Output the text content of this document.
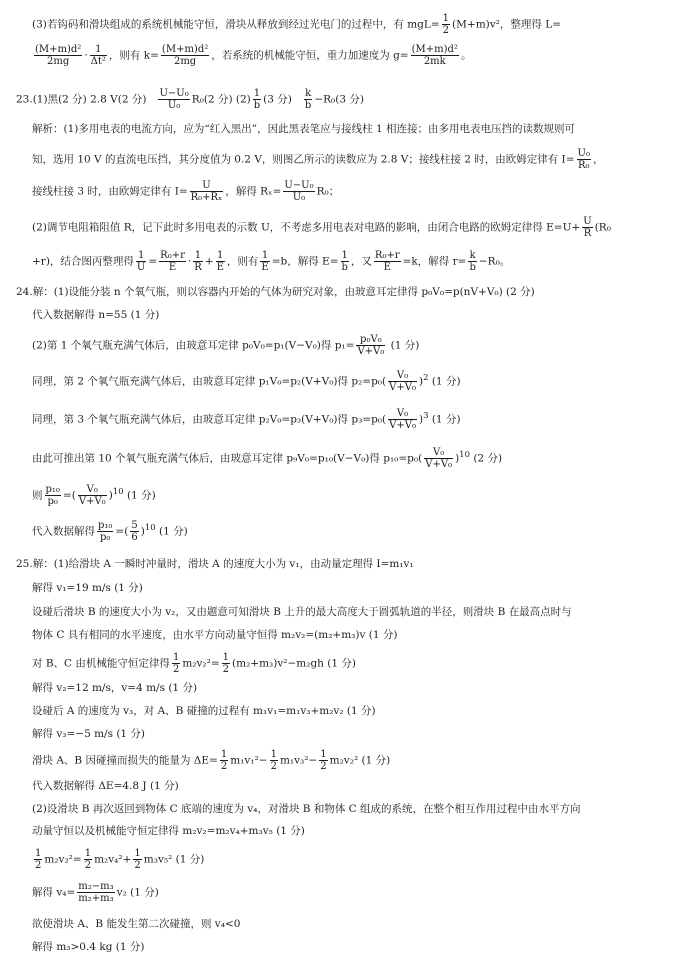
(3)若钩码和滑块组成的系统机械能守恒，滑块从释放到经过光电门的过程中，有 $mgL= \frac{1}{2} (M+m)v^2$，整理得 L=
$\frac{\text{(M+m)d²}}{2mg} \cdot \frac{1}{\text{Δt²}}$ ，则有 $k= \frac{\text{(M+m)d²}}{2mg}$ ，若系统的机械能守恒，重力加速度为 $g= \frac{\text{(M+m)d²}}{2mk}$ 。
23.(1)黑(2 分) 2.8 V(2 分) $\frac{\text{U−U₀}}{\text{U₀}} R_0(2$ 分) $(2) \frac{1}{b} (3$ 分) $\frac{k}{b} -R_0(3$ 分)
解析：(1)多用电表的电流方向，应为“红入黑出”，因此黑表笔应与接线柱 1 相连接；由多用电表电压挡的读数规则可
知，选用 10 V 的直流电压挡，其分度值为 0.2 V，则图乙所示的读数应为 2.8 V；接线柱接 2 时，由欧姆定律有 $I= \frac{\text{U₀}}{\text{R₀}}$ ，
接线柱接 3 时，由欧姆定律有 $I= \frac{U}{\text{R₀+Rₓ}}$ ，解得 $R_x= \frac{\text{U−U₀}}{\text{U₀}} R_0$；
(2)调节电阻箱阻值 R，记下此时多用电表的示数 U，不考虑多用电表对电路的影响，由闭合电路的欧姆定律得 $E=U+ \frac{U}{R} (R_0$
+r)，结合图丙整理得 $\frac{1}{U} = \frac{\text{R₀+r}}{E} \cdot \frac{1}{R} + \frac{1}{E}$ ，则有 $\frac{1}{E} =b$，解得 $E= \frac{1}{b}$ ，又 $\frac{\text{R₀+r}}{E} =k$，解得 $r= \frac{k}{b} -R_0$。
24.解：(1)设能分装 n 个氧气瓶，则以容器内开始的气体为研究对象，由玻意耳定律得 p₀V₀=p(nV+V₀) (2 分)
代入数据解得 n=55 (1 分)
(2)第 1 个氧气瓶充满气体后，由玻意耳定律 p₀V₀=p₁(V−V₀)得 $p_1= \frac{\text{p₀V₀}}{\text{V+V₀}} (1$ 分)
同理，第 2 个氧气瓶充满气体后，由玻意耳定律 p₁V₀=p₂(V+V₀)得 $p_2=p_0( \frac{\text{V₀}}{\text{V+V₀}} )^2$ (1 分)
同理，第 3 个氧气瓶充满气体后，由玻意耳定律 p₂V₀=p₃(V+V₀)得 $p_3=p_0( \frac{\text{V₀}}{\text{V+V₀}} )^3$ (1 分)
由此可推出第 10 个氧气瓶充满气体后，由玻意耳定律 p₉V₀=p₁₀(V−V₀)得 $p_{10}=p_0( \frac{\text{V₀}}{\text{V+V₀}} )^{10}$ (2 分)
则 $\frac{\text{p₁₀}}{\text{p₀}}$ =( $\frac{\text{V₀}}{\text{V+V₀}} )^{10}$ (1 分)
代入数据解得 $\frac{\text{p₁₀}}{\text{p₀}}$ =( $\frac{5}{6} )^{10}$ (1 分)
25.解：(1)给滑块 A 一瞬时冲量时，滑块 A 的速度大小为 v₁，由动量定理得 I=m₁v₁
解得 v₁=19 m/s (1 分)
设碰后滑块 B 的速度大小为 v₂，又由题意可知滑块 B 上升的最大高度大于圆弧轨道的半径，则滑块 B 在最高点时与
物体 C 具有相同的水平速度，由水平方向动量守恒得 m₂v₂=(m₂+m₃)v (1 分)
对 B、C 由机械能守恒定律得 $\frac{1}{2} m_2v_2^2= \frac{1}{2} (m_2+m_3)v^2-m_2gh$ (1 分)
解得 v₂=12 m/s，v=4 m/s (1 分)
设碰后 A 的速度为 v₃，对 A、B 碰撞的过程有 m₁v₁=m₁v₃+m₂v₂ (1 分)
解得 v₃=−5 m/s (1 分)
滑块 A、B 因碰撞而损失的能量为 $\Delta E= \frac{1}{2} m_1v_1^2- \frac{1}{2} m_1v_3^2- \frac{1}{2} m_2v_2^2$ (1 分)
代入数据解得 ΔE=4.8 J (1 分)
(2)设滑块 B 再次返回到物体 C 底端的速度为 v₄，对滑块 B 和物体 C 组成的系统，在整个相互作用过程中由水平方向
动量守恒以及机械能守恒定律得 m₂v₂=m₂v₄+m₃v₅ (1 分)
$\frac{1}{2} m_2v_2^2= \frac{1}{2} m_2v_4^2+ \frac{1}{2} m_3v_5^2$ (1 分)
解得 $v_4= \frac{\text{m₂−m₃}}{\text{m₂+m₃}} v_2$ (1 分)
欲使滑块 A、B 能发生第二次碰撞，则 v₄<0
解得 m₃>0.4 kg (1 分)
